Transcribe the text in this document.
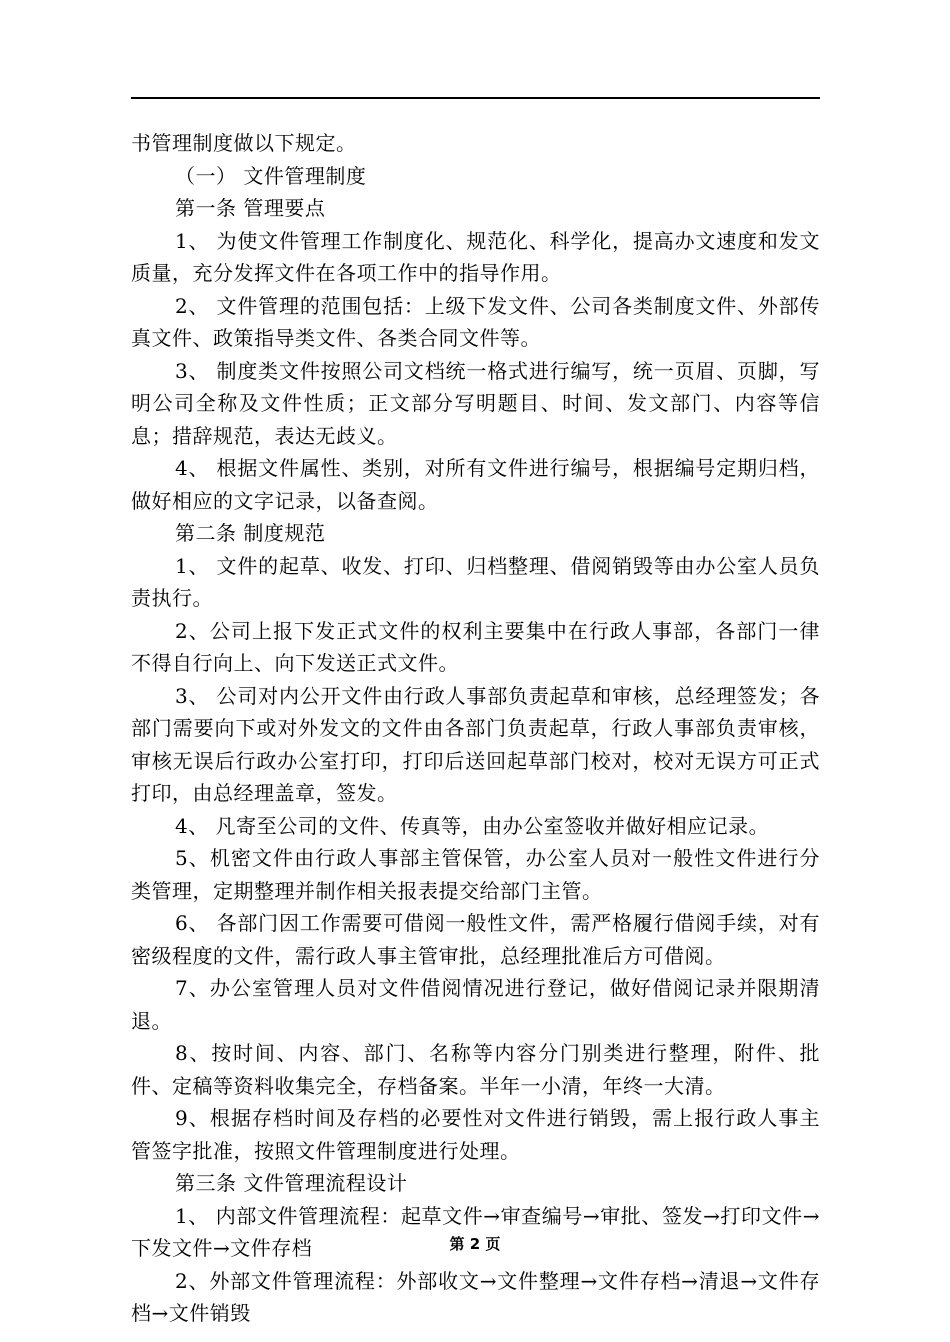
书管理制度做以下规定。

（一） 文件管理制度

第一条 管理要点

1、 为使文件管理工作制度化、规范化、科学化，提高办文速度和发文质量，充分发挥文件在各项工作中的指导作用。

2、 文件管理的范围包括：上级下发文件、公司各类制度文件、外部传真文件、政策指导类文件、各类合同文件等。

3、 制度类文件按照公司文档统一格式进行编写，统一页眉、页脚，写明公司全称及文件性质；正文部分写明题目、时间、发文部门、内容等信息；措辞规范，表达无歧义。

4、 根据文件属性、类别，对所有文件进行编号，根据编号定期归档，做好相应的文字记录，以备查阅。

第二条 制度规范

1、 文件的起草、收发、打印、归档整理、借阅销毁等由办公室人员负责执行。

2、公司上报下发正式文件的权利主要集中在行政人事部，各部门一律不得自行向上、向下发送正式文件。

3、 公司对内公开文件由行政人事部负责起草和审核，总经理签发；各部门需要向下或对外发文的文件由各部门负责起草，行政人事部负责审核，审核无误后行政办公室打印，打印后送回起草部门校对，校对无误方可正式打印，由总经理盖章，签发。

4、 凡寄至公司的文件、传真等，由办公室签收并做好相应记录。

5、机密文件由行政人事部主管保管，办公室人员对一般性文件进行分类管理，定期整理并制作相关报表提交给部门主管。

6、 各部门因工作需要可借阅一般性文件，需严格履行借阅手续，对有密级程度的文件，需行政人事主管审批，总经理批准后方可借阅。

7、办公室管理人员对文件借阅情况进行登记，做好借阅记录并限期清退。

8、按时间、内容、部门、名称等内容分门别类进行整理，附件、批件、定稿等资料收集完全，存档备案。半年一小清，年终一大清。

9、根据存档时间及存档的必要性对文件进行销毁，需上报行政人事主管签字批准，按照文件管理制度进行处理。

第三条 文件管理流程设计

1、 内部文件管理流程：起草文件→审查编号→审批、签发→打印文件→下发文件→文件存档

2、外部文件管理流程：外部收文→文件整理→文件存档→清退→文件存档→文件销毁

第 2 页
